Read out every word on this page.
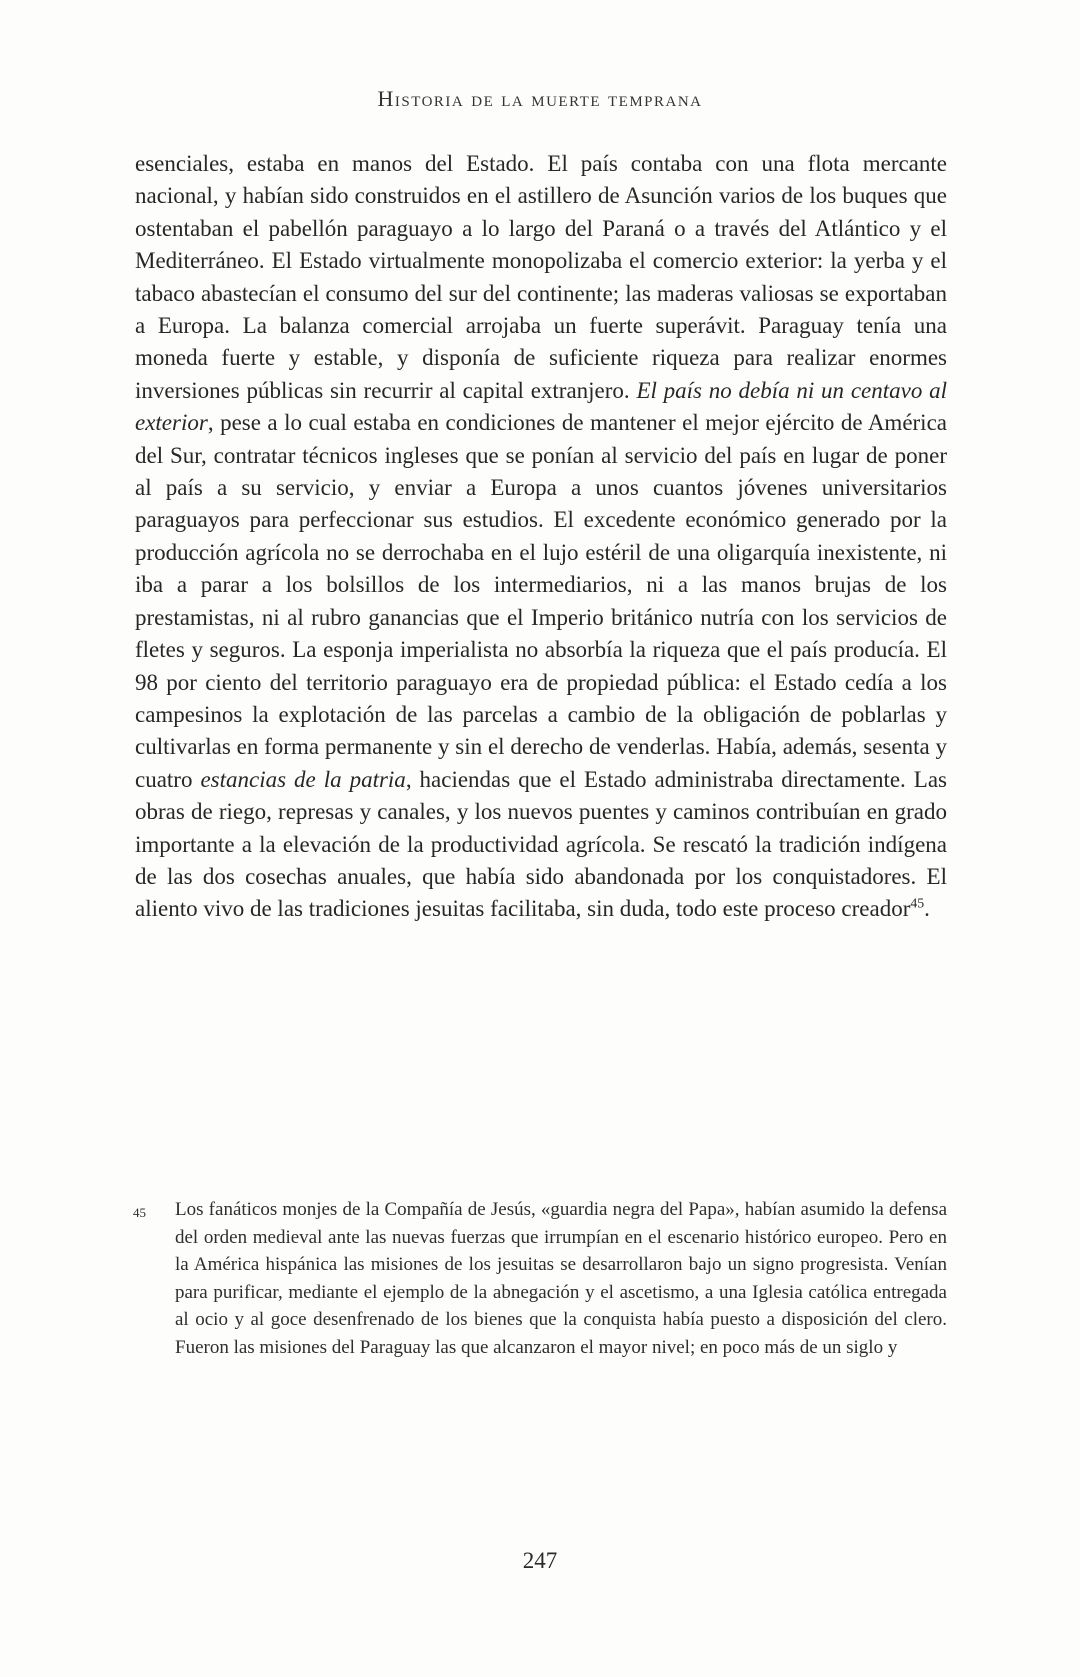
Historia de la muerte temprana

esenciales, estaba en manos del Estado. El país contaba con una flota mercante nacional, y habían sido construidos en el astillero de Asunción varios de los buques que ostentaban el pabellón paraguayo a lo largo del Paraná o a través del Atlántico y el Mediterráneo. El Estado virtualmente monopolizaba el comercio exterior: la yerba y el tabaco abastecían el consumo del sur del continente; las maderas valiosas se exportaban a Europa. La balanza comercial arrojaba un fuerte superávit. Paraguay tenía una moneda fuerte y estable, y disponía de suficiente riqueza para realizar enormes inversiones públicas sin recurrir al capital extranjero. El país no debía ni un centavo al exterior, pese a lo cual estaba en condiciones de mantener el mejor ejército de América del Sur, contratar técnicos ingleses que se ponían al servicio del país en lugar de poner al país a su servicio, y enviar a Europa a unos cuantos jóvenes universitarios paraguayos para perfeccionar sus estudios. El excedente económico generado por la producción agrícola no se derrochaba en el lujo estéril de una oligarquía inexistente, ni iba a parar a los bolsillos de los intermediarios, ni a las manos brujas de los prestamistas, ni al rubro ganancias que el Imperio británico nutría con los servicios de fletes y seguros. La esponja imperialista no absorbía la riqueza que el país producía. El 98 por ciento del territorio paraguayo era de propiedad pública: el Estado cedía a los campesinos la explotación de las parcelas a cambio de la obligación de poblarlas y cultivarlas en forma permanente y sin el derecho de venderlas. Había, además, sesenta y cuatro estancias de la patria, haciendas que el Estado administraba directamente. Las obras de riego, represas y canales, y los nuevos puentes y caminos contribuían en grado importante a la elevación de la productividad agrícola. Se rescató la tradición indígena de las dos cosechas anuales, que había sido abandonada por los conquistadores. El aliento vivo de las tradiciones jesuitas facilitaba, sin duda, todo este proceso creador$^{45}$.

45	Los fanáticos monjes de la Compañía de Jesús, «guardia negra del Papa», habían asumido la defensa del orden medieval ante las nuevas fuerzas que irrumpían en el escenario histórico europeo. Pero en la América hispánica las misiones de los jesuitas se desarrollaron bajo un signo progresista. Venían para purificar, mediante el ejemplo de la abnegación y el ascetismo, a una Iglesia católica entregada al ocio y al goce desenfrenado de los bienes que la conquista había puesto a disposición del clero. Fueron las misiones del Paraguay las que alcanzaron el mayor nivel; en poco más de un siglo y
247
